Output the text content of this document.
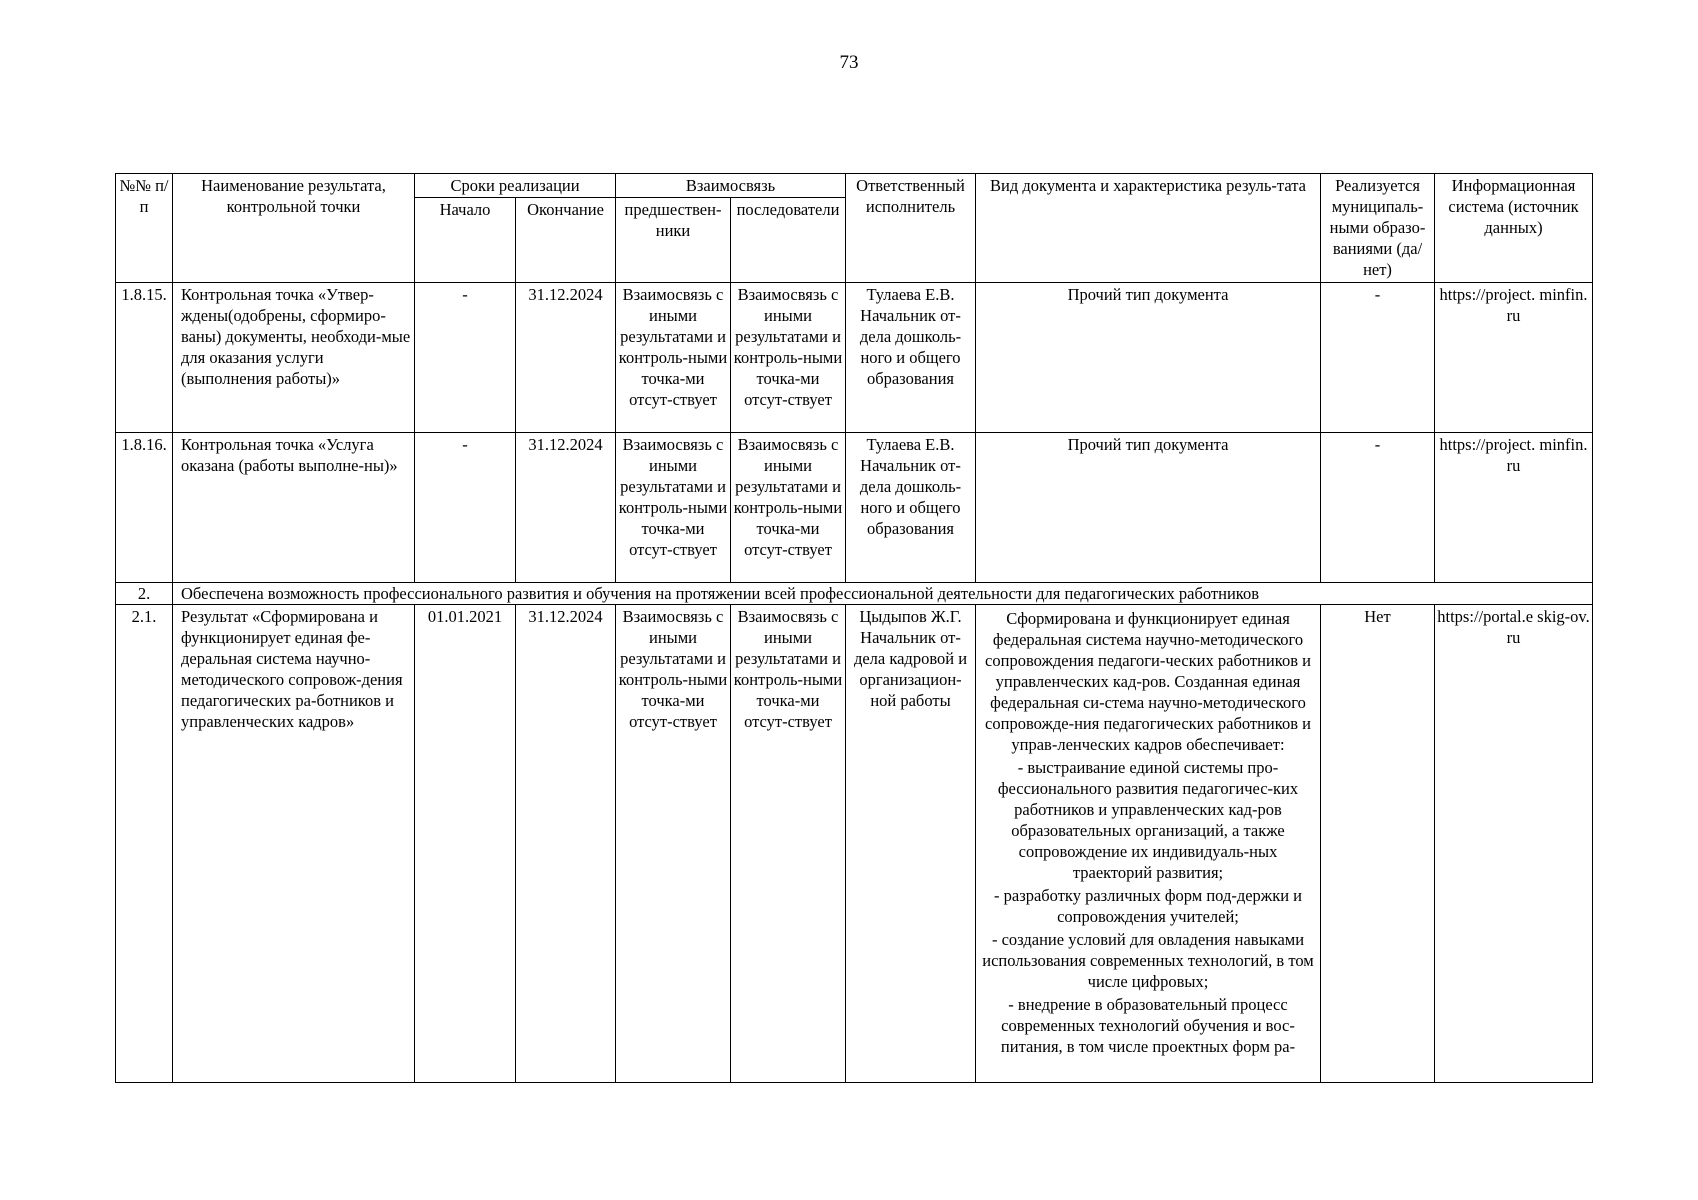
73
№№ п/п	Наименование результата, контрольной точки	Сроки реализации		Взаимосвязь		Ответственный исполнитель	Вид документа и характеристика резуль-тата	Реализуется муниципаль-ными образо-ваниями (да/нет)	Информационная система (источник данных)
		Начало	Окончание	предшествен-ники	последователи				
1.8.15.	Контрольная точка «Утвер-ждены(одобрены, сформиро-ваны) документы, необходи-мые для оказания услуги (выполнения работы)»	-	31.12.2024	Взаимосвязь с иными результатами и контроль-ными точка-ми отсут-ствует	Взаимосвязь с иными результатами и контроль-ными точка-ми отсут-ствует	Тулаева Е.В. Начальник от-дела дошколь-ного и общего образования	Прочий тип документа	-	https://project. minfin.ru
1.8.16.	Контрольная точка «Услуга оказана (работы выполне-ны)»	-	31.12.2024	Взаимосвязь с иными результатами и контроль-ными точка-ми отсут-ствует	Взаимосвязь с иными результатами и контроль-ными точка-ми отсут-ствует	Тулаева Е.В. Начальник от-дела дошколь-ного и общего образования	Прочий тип документа	-	https://project. minfin.ru
2.	Обеспечена возможность профессионального развития и обучения на протяжении всей профессиональной деятельности для педагогических работников								
2.1.	Результат «Сформирована и функционирует единая фе-деральная система научно-методического сопровож-дения педагогических ра-ботников и управленческих кадров»	01.01.2021	31.12.2024	Взаимосвязь с иными результатами и контроль-ными точка-ми отсут-ствует	Взаимосвязь с иными результатами и контроль-ными точка-ми отсут-ствует	Цыдыпов Ж.Г. Начальник от-дела кадровой и организацион-ной работы	Сформирована и функционирует единая федеральная система научно-методического сопровождения педагоги-ческих работников и управленческих кад-ров. Созданная единая федеральная си-стема научно-методического сопровожде-ния педагогических работников и управ-ленческих кадров обеспечивает:
- выстраивание единой системы про-фессионального развития педагогичес-ких работников и управленческих кад-ров образовательных организаций, а также сопровождение их индивидуаль-ных траекторий развития;
- разработку различных форм под-держки и сопровождения учителей;
- создание условий для овладения навыками использования современных технологий, в том числе цифровых;
- внедрение в образовательный процесс современных технологий обучения и вос-питания, в том числе проектных форм ра-	Нет	https://portal.e skig-ov.ru
